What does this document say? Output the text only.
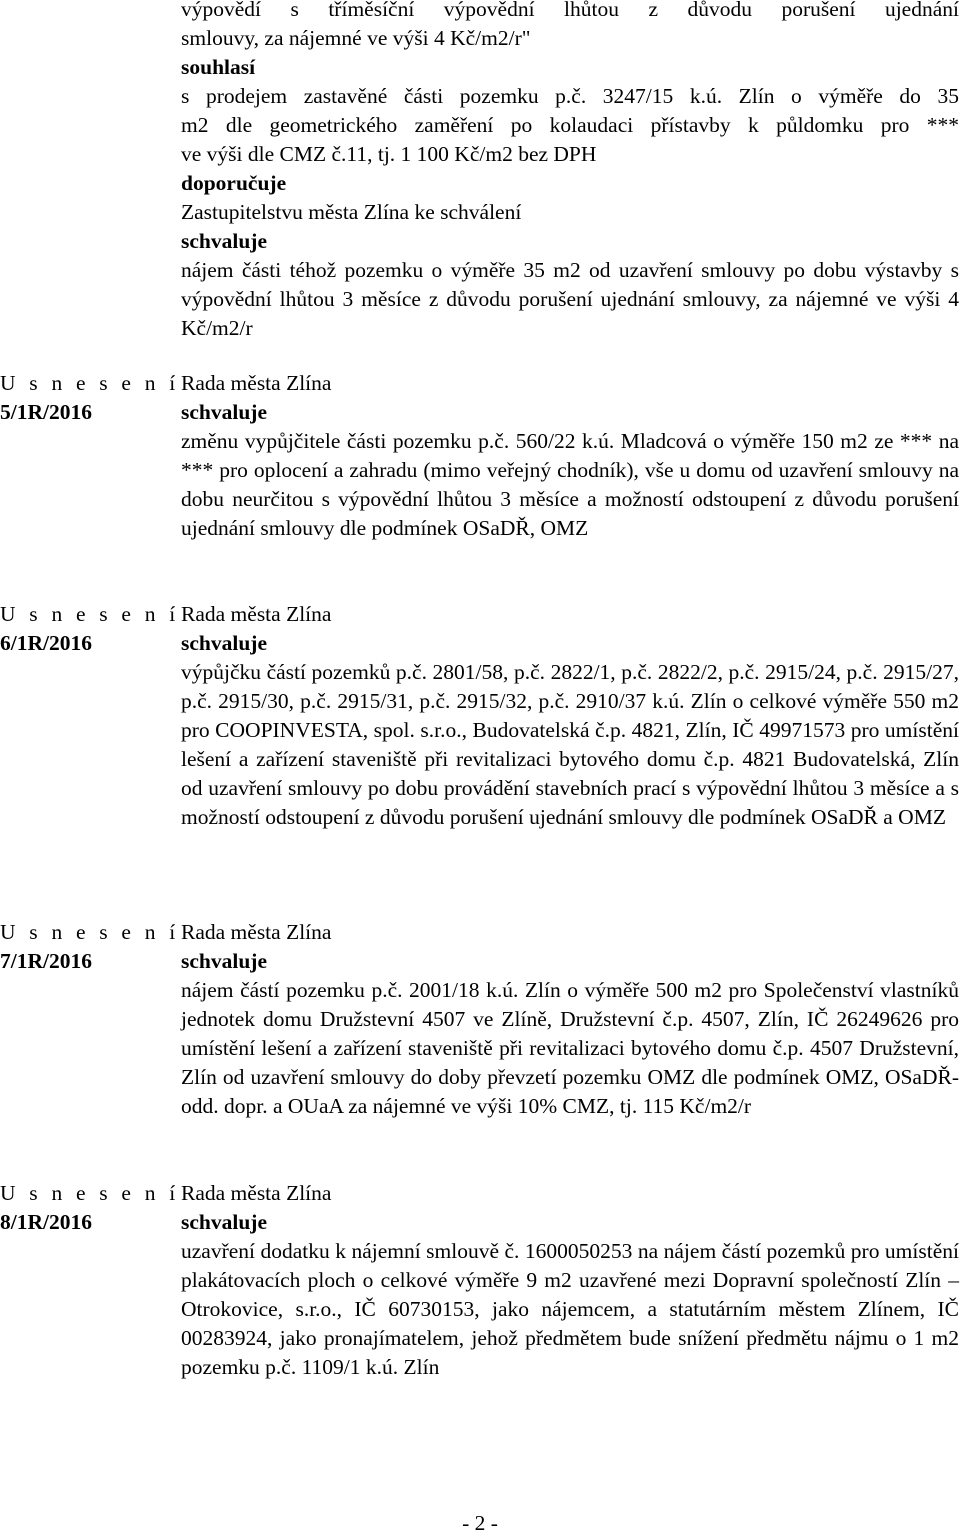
výpovědí s tříměsíční výpovědní lhůtou z důvodu porušení ujednání
smlouvy, za nájemné ve výši 4 Kč/m2/r"
souhlasí
s prodejem zastavěné části pozemku p.č. 3247/15 k.ú. Zlín o výměře do 35
m2 dle geometrického zaměření po kolaudaci přístavby k půldomku pro ***
ve výši dle CMZ č.11, tj. 1 100 Kč/m2 bez DPH
doporučuje
Zastupitelstvu města Zlína ke schválení
schvaluje
nájem části téhož pozemku o výměře 35 m2 od uzavření smlouvy po dobu výstavby s výpovědní lhůtou 3 měsíce z důvodu porušení ujednání smlouvy, za nájemné ve výši 4 Kč/m2/r
U s n e s e n í
5/1R/2016
Rada města Zlína
schvaluje
změnu vypůjčitele části pozemku p.č. 560/22 k.ú. Mladcová o výměře 150 m2 ze *** na *** pro oplocení a zahradu (mimo veřejný chodník), vše u domu od uzavření smlouvy na dobu neurčitou s výpovědní lhůtou 3 měsíce a možností odstoupení z důvodu porušení ujednání smlouvy dle podmínek OSaDŘ, OMZ
U s n e s e n í
6/1R/2016
Rada města Zlína
schvaluje
výpůjčku částí pozemků p.č. 2801/58, p.č. 2822/1, p.č. 2822/2, p.č. 2915/24, p.č. 2915/27, p.č. 2915/30, p.č. 2915/31, p.č. 2915/32, p.č. 2910/37 k.ú. Zlín o celkové výměře 550 m2 pro COOPINVESTA, spol. s.r.o., Budovatelská č.p. 4821, Zlín, IČ 49971573 pro umístění lešení a zařízení staveniště při revitalizaci bytového domu č.p. 4821 Budovatelská, Zlín od uzavření smlouvy po dobu provádění stavebních prací s výpovědní lhůtou 3 měsíce a s možností odstoupení z důvodu porušení ujednání smlouvy dle podmínek OSaDŘ a OMZ
U s n e s e n í
7/1R/2016
Rada města Zlína
schvaluje
nájem částí pozemku p.č. 2001/18 k.ú. Zlín o výměře 500 m2 pro Společenství vlastníků jednotek domu Družstevní 4507 ve Zlíně, Družstevní č.p. 4507, Zlín, IČ 26249626 pro umístění lešení a zařízení staveniště při revitalizaci bytového domu č.p. 4507 Družstevní, Zlín od uzavření smlouvy do doby převzetí pozemku OMZ dle podmínek OMZ, OSaDŘ-odd. dopr. a OUaA za nájemné ve výši 10% CMZ, tj. 115 Kč/m2/r
U s n e s e n í
8/1R/2016
Rada města Zlína
schvaluje
uzavření dodatku k nájemní smlouvě č. 1600050253 na nájem částí pozemků pro umístění plakátovacích ploch o celkové výměře 9 m2 uzavřené mezi Dopravní společností Zlín – Otrokovice, s.r.o., IČ 60730153, jako nájemcem, a statutárním městem Zlínem, IČ 00283924, jako pronajímatelem, jehož předmětem bude snížení předmětu nájmu o 1 m2 pozemku p.č. 1109/1 k.ú. Zlín
- 2 -
